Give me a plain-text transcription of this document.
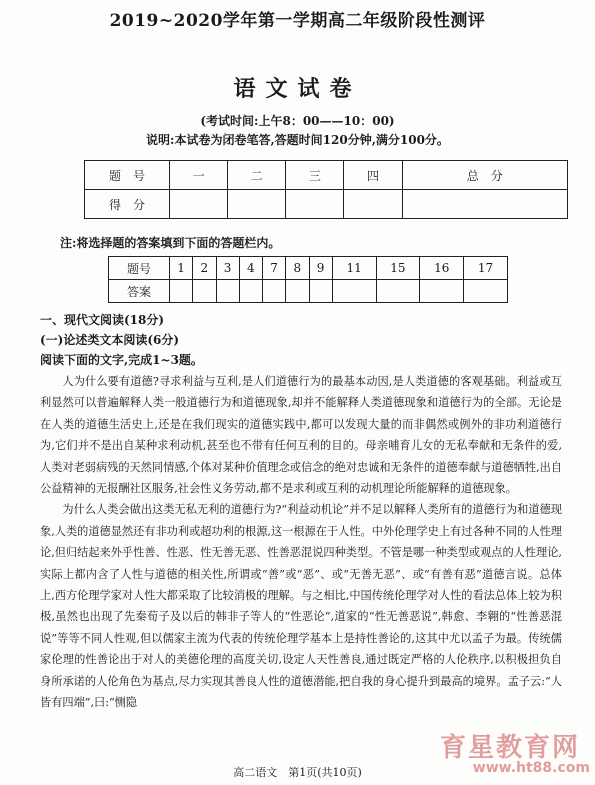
2019~2020学年第一学期高二年级阶段性测评
语文试卷
(考试时间:上午8：00——10：00)
说明:本试卷为闭卷笔答,答题时间120分钟,满分100分。
题　号	一	二	三	四	总　分
得　分					
注:将选择题的答案填到下面的答题栏内。
题号	1	2	3	4	7	8	9	11	15	16	17
答案											
一、现代文阅读(18分)
(一)论述类文本阅读(6分)
阅读下面的文字,完成1~3题。

人为什么要有道德?寻求利益与互利,是人们道德行为的最基本动因,是人类道德的客观基础。利益或互利显然可以普遍解释人类一般道德行为和道德现象,却并不能解释人类道德现象和道德行为的全部。无论是在人类的道德生活史上,还是在我们现实的道德实践中,都可以发现大量的而非偶然或例外的非功利道德行为,它们并不是出自某种求利动机,甚至也不带有任何互利的目的。母亲哺育儿女的无私奉献和无条件的爱,人类对老弱病残的天然同情感,个体对某种价值理念或信念的绝对忠诚和无条件的道德奉献与道德牺牲,出自公益精神的无报酬社区服务,社会性义务劳动,都不是求利或互利的动机理论所能解释的道德现象。

为什么人类会做出这类无私无利的道德行为?“利益动机论”并不足以解释人类所有的道德行为和道德现象,人类的道德显然还有非功利或超功利的根源,这一根源在于人性。中外伦理学史上有过各种不同的人性理论,但归结起来外乎性善、性恶、性无善无恶、性善恶混说四种类型。不管是哪一种类型或观点的人性理论,实际上都内含了人性与道德的相关性,所谓或“善”或“恶”、或“无善无恶”、或“有善有恶”道德言说。总体上,西方伦理学家对人性大都采取了比较消极的理解。与之相比,中国传统伦理学对人性的看法总体上较为积极,虽然也出现了先秦荀子及以后的韩非子等人的“性恶论”,道家的“性无善恶说”,韩愈、李翱的“性善恶混说”等等不同人性观,但以儒家主流为代表的传统伦理学基本上是持性善论的,这其中尤以孟子为最。传统儒家伦理的性善论出于对人的美德伦理的高度关切,设定人天性善良,通过既定严格的人伦秩序,以积极担负自身所承诺的人伦角色为基点,尽力实现其善良人性的道德潜能,把自我的身心提升到最高的境界。孟子云:“人皆有四端”,曰:“恻隐

育星教育网
www.ht88.com
高二语文　第1页(共10页)
